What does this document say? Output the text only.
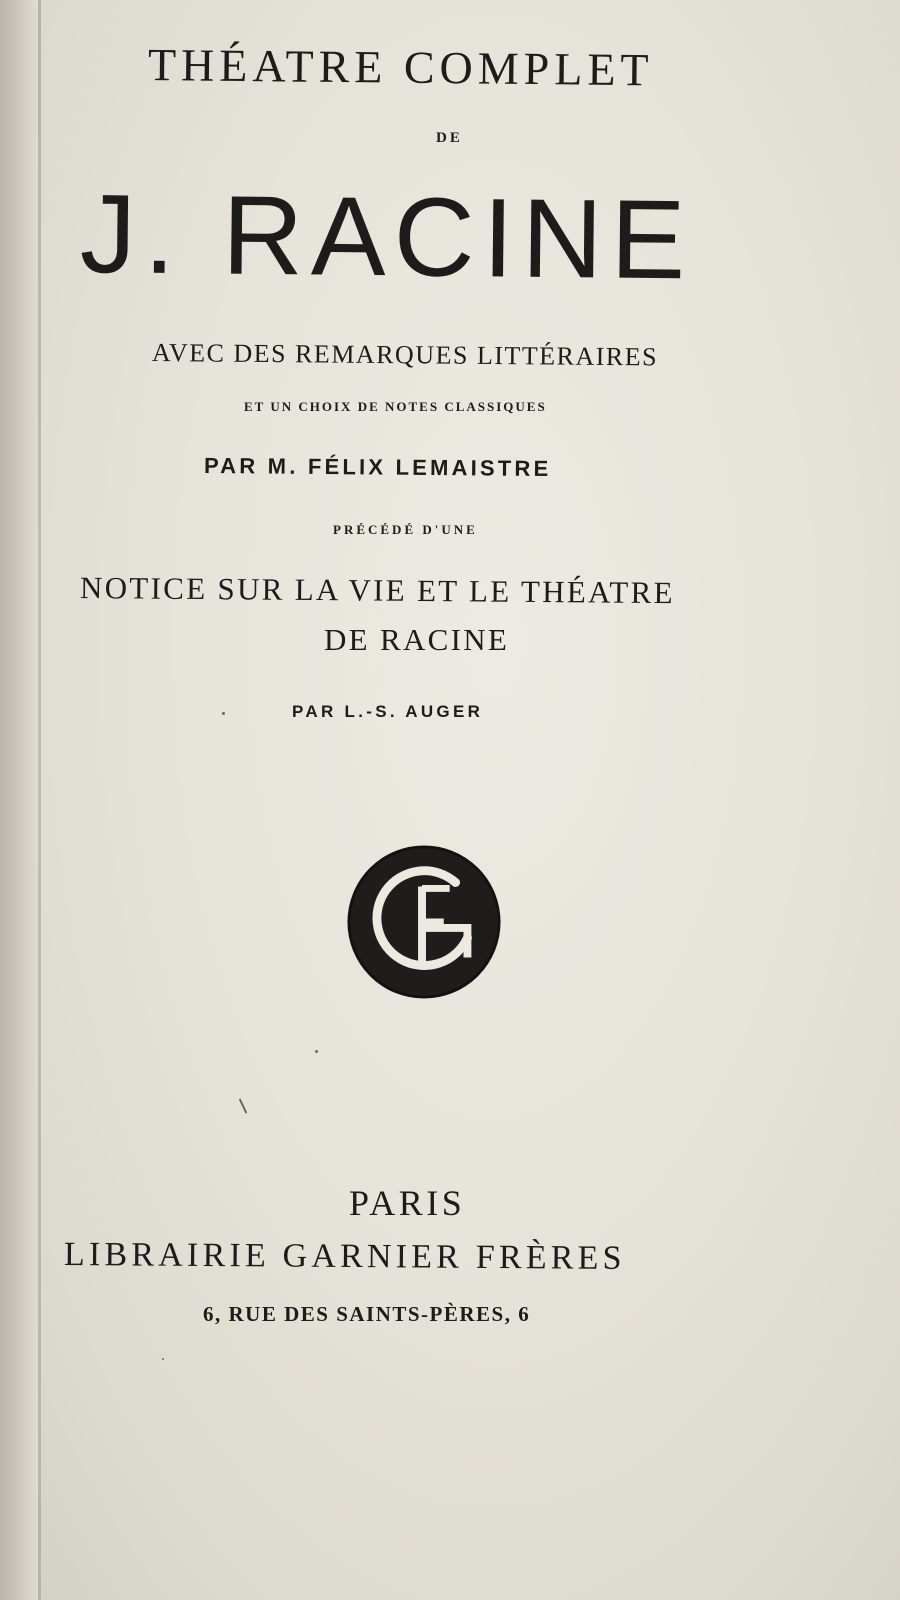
THÉATRE COMPLET
DE
J. RACINE
AVEC DES REMARQUES LITTÉRAIRES
ET UN CHOIX DE NOTES CLASSIQUES
PAR M. FÉLIX LEMAISTRE
PRÉCÉDÉ D'UNE
NOTICE SUR LA VIE ET LE THÉATRE
DE RACINE
PAR L.-S. AUGER
PARIS
LIBRAIRIE GARNIER FRÈRES
6, RUE DES SAINTS-PÈRES, 6
